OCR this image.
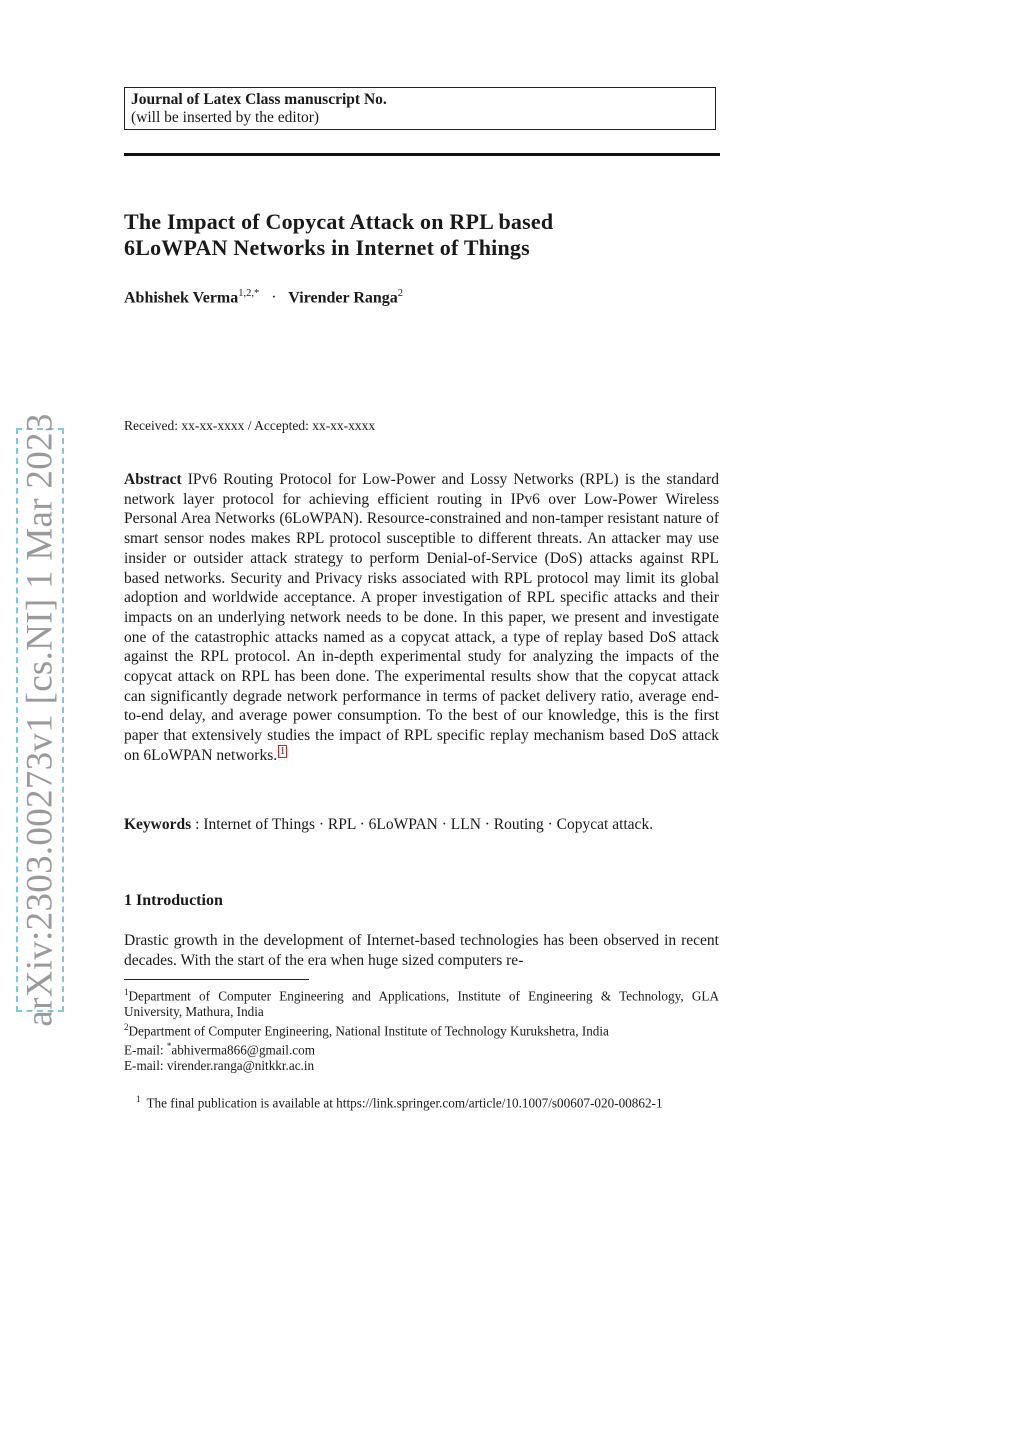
Journal of Latex Class manuscript No.
(will be inserted by the editor)
The Impact of Copycat Attack on RPL based
6LoWPAN Networks in Internet of Things
Abhishek Verma$^{1,2,*}$ · Virender Ranga$^2$
Received: xx-xx-xxxx / Accepted: xx-xx-xxxx

Abstract IPv6 Routing Protocol for Low-Power and Lossy Networks (RPL) is the standard network layer protocol for achieving efficient routing in IPv6 over Low-Power Wireless Personal Area Networks (6LoWPAN). Resource-constrained and non-tamper resistant nature of smart sensor nodes makes RPL protocol susceptible to different threats. An attacker may use insider or outsider attack strategy to perform Denial-of-Service (DoS) attacks against RPL based networks. Security and Privacy risks associated with RPL protocol may limit its global adoption and worldwide acceptance. A proper investigation of RPL specific attacks and their impacts on an underlying network needs to be done. In this paper, we present and investigate one of the catastrophic attacks named as a copycat attack, a type of replay based DoS attack against the RPL protocol. An in-depth experimental study for analyzing the impacts of the copycat attack on RPL has been done. The experimental results show that the copycat attack can significantly degrade network performance in terms of packet delivery ratio, average end-to-end delay, and average power consumption. To the best of our knowledge, this is the first paper that extensively studies the impact of RPL specific replay mechanism based DoS attack on 6LoWPAN networks. $^1$

Keywords : Internet of Things · RPL · 6LoWPAN · LLN · Routing · Copycat attack.
1 Introduction

Drastic growth in the development of Internet-based technologies has been observed in recent decades. With the start of the era when huge sized computers re-

$^1$Department of Computer Engineering and Applications, Institute of Engineering & Technology, GLA University, Mathura, India
$^2$Department of Computer Engineering, National Institute of Technology Kurukshetra, India
E-mail: *abhiverma866@gmail.com
E-mail: virender.ranga@nitkkr.ac.in
$^1$ The final publication is available at https://link.springer.com/article/10.1007/s00607-020-00862-1
arXiv:2303.00273v1 [cs.NI] 1 Mar 2023
